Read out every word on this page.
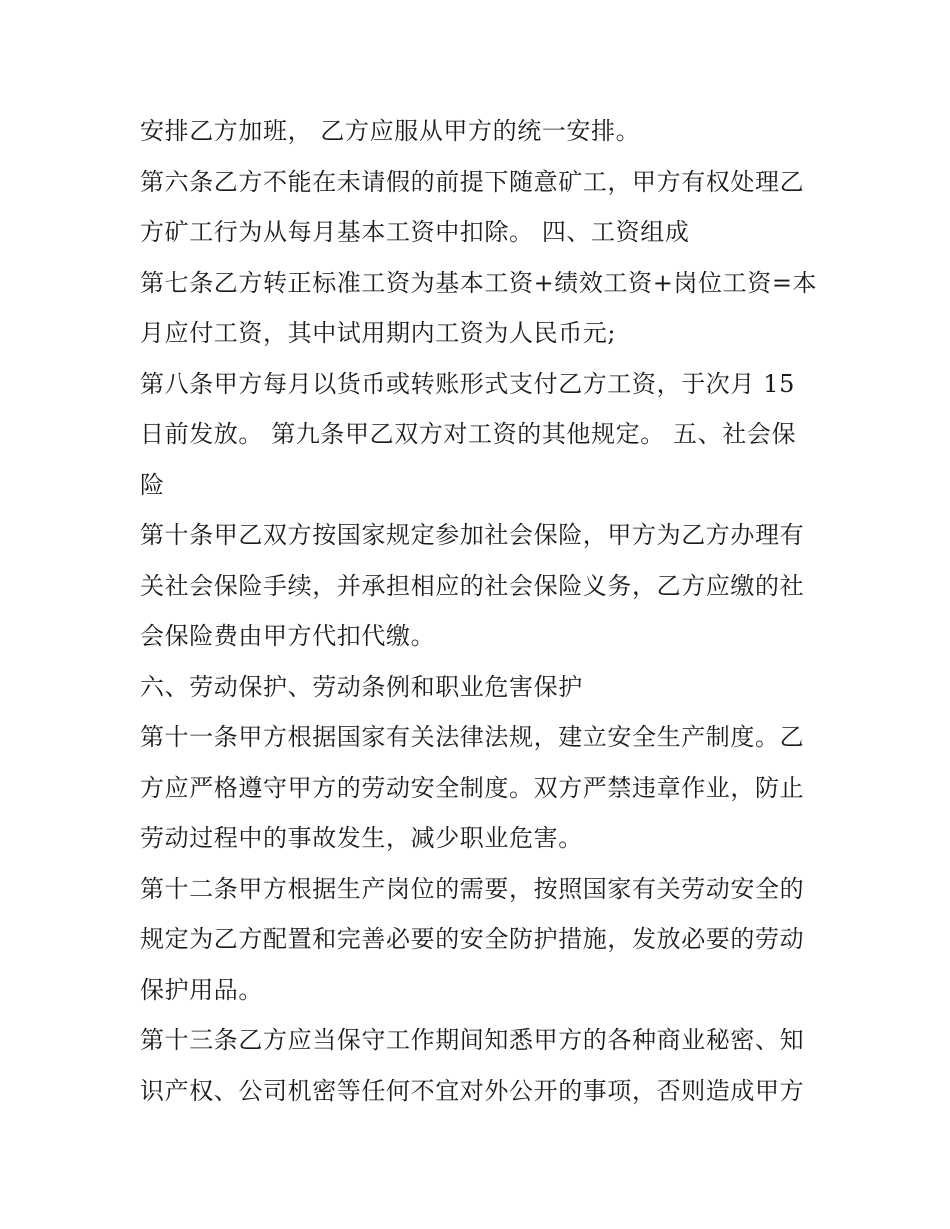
安排乙方加班， 乙方应服从甲方的统一安排。
第六条乙方不能在未请假的前提下随意矿工，甲方有权处理乙
方矿工行为从每月基本工资中扣除。 四、工资组成
第七条乙方转正标准工资为基本工资+绩效工资+岗位工资=本
月应付工资，其中试用期内工资为人民币元;
第八条甲方每月以货币或转账形式支付乙方工资，于次月 15
日前发放。 第九条甲乙双方对工资的其他规定。 五、社会保
险
第十条甲乙双方按国家规定参加社会保险，甲方为乙方办理有
关社会保险手续，并承担相应的社会保险义务，乙方应缴的社
会保险费由甲方代扣代缴。
六、劳动保护、劳动条例和职业危害保护
第十一条甲方根据国家有关法律法规，建立安全生产制度。乙
方应严格遵守甲方的劳动安全制度。双方严禁违章作业，防止
劳动过程中的事故发生，减少职业危害。
第十二条甲方根据生产岗位的需要，按照国家有关劳动安全的
规定为乙方配置和完善必要的安全防护措施，发放必要的劳动
保护用品。
第十三条乙方应当保守工作期间知悉甲方的各种商业秘密、知
识产权、公司机密等任何不宜对外公开的事项，否则造成甲方
